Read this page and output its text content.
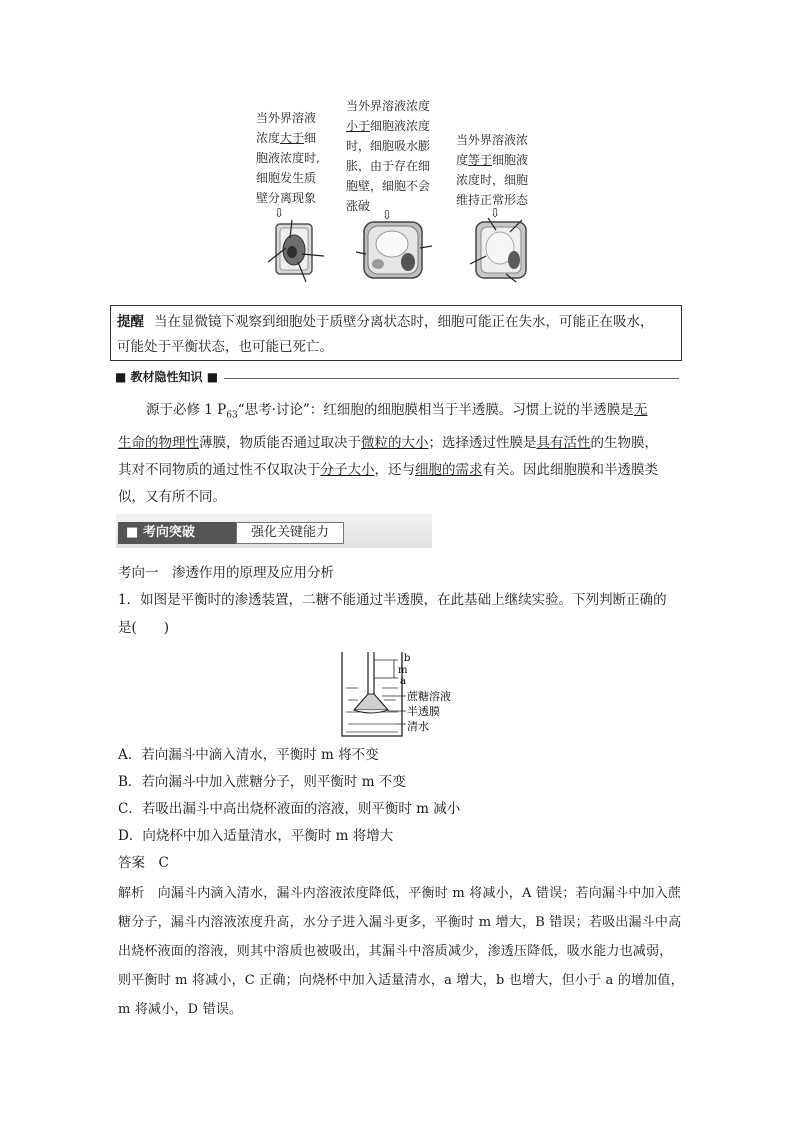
当外界溶液
浓度大于细
胞液浓度时,
细胞发生质
壁分离现象
当外界溶液浓度
小于细胞液浓度
时，细胞吸水膨
胀，由于存在细
胞壁，细胞不会
涨破
当外界溶液浓
度等于细胞液
浓度时，细胞
维持正常形态
⇩	⇩	⇩
提醒 当在显微镜下观察到细胞处于质壁分离状态时，细胞可能正在失水，可能正在吸水，
可能处于平衡状态，也可能已死亡。
■ 教材隐性知识 ■
源于必修 1 $P_{63}“$思考·讨论”：红细胞的细胞膜相当于半透膜。习惯上说的半透膜是无
生命的物理性薄膜，物质能否通过取决于微粒的大小；选择透过性膜是具有活性的生物膜，
其对不同物质的通过性不仅取决于分子大小，还与细胞的需求有关。因此细胞膜和半透膜类
似，又有所不同。
■ 考向突破	强化关键能力
考向一　 渗透作用的原理及应用分析
1．如图是平衡时的渗透装置，二糖不能通过半透膜，在此基础上继续实验。下列判断正确的
是(　　)
b
m
a
蔗糖溶液
半透膜
清水
A．若向漏斗中滴入清水，平衡时 m 将不变
B．若向漏斗中加入蔗糖分子，则平衡时 m 不变
C．若吸出漏斗中高出烧杯液面的溶液，则平衡时 m 减小
D．向烧杯中加入适量清水，平衡时 m 将增大
答案　 C
解析　 向漏斗内滴入清水，漏斗内溶液浓度降低，平衡时 m 将减小，A 错误；若向漏斗中加入蔗糖分子，漏斗内溶液浓度升高，水分子进入漏斗更多，平衡时 m 增大，B 错误；若吸出漏斗中高出烧杯液面的溶液，则其中溶质也被吸出，其漏斗中溶质减少，渗透压降低，吸水能力也减弱，则平衡时 m 将减小，C 正确；向烧杯中加入适量清水，a 增大，b 也增大，但小于 a 的增加值，m 将减小，D 错误。
